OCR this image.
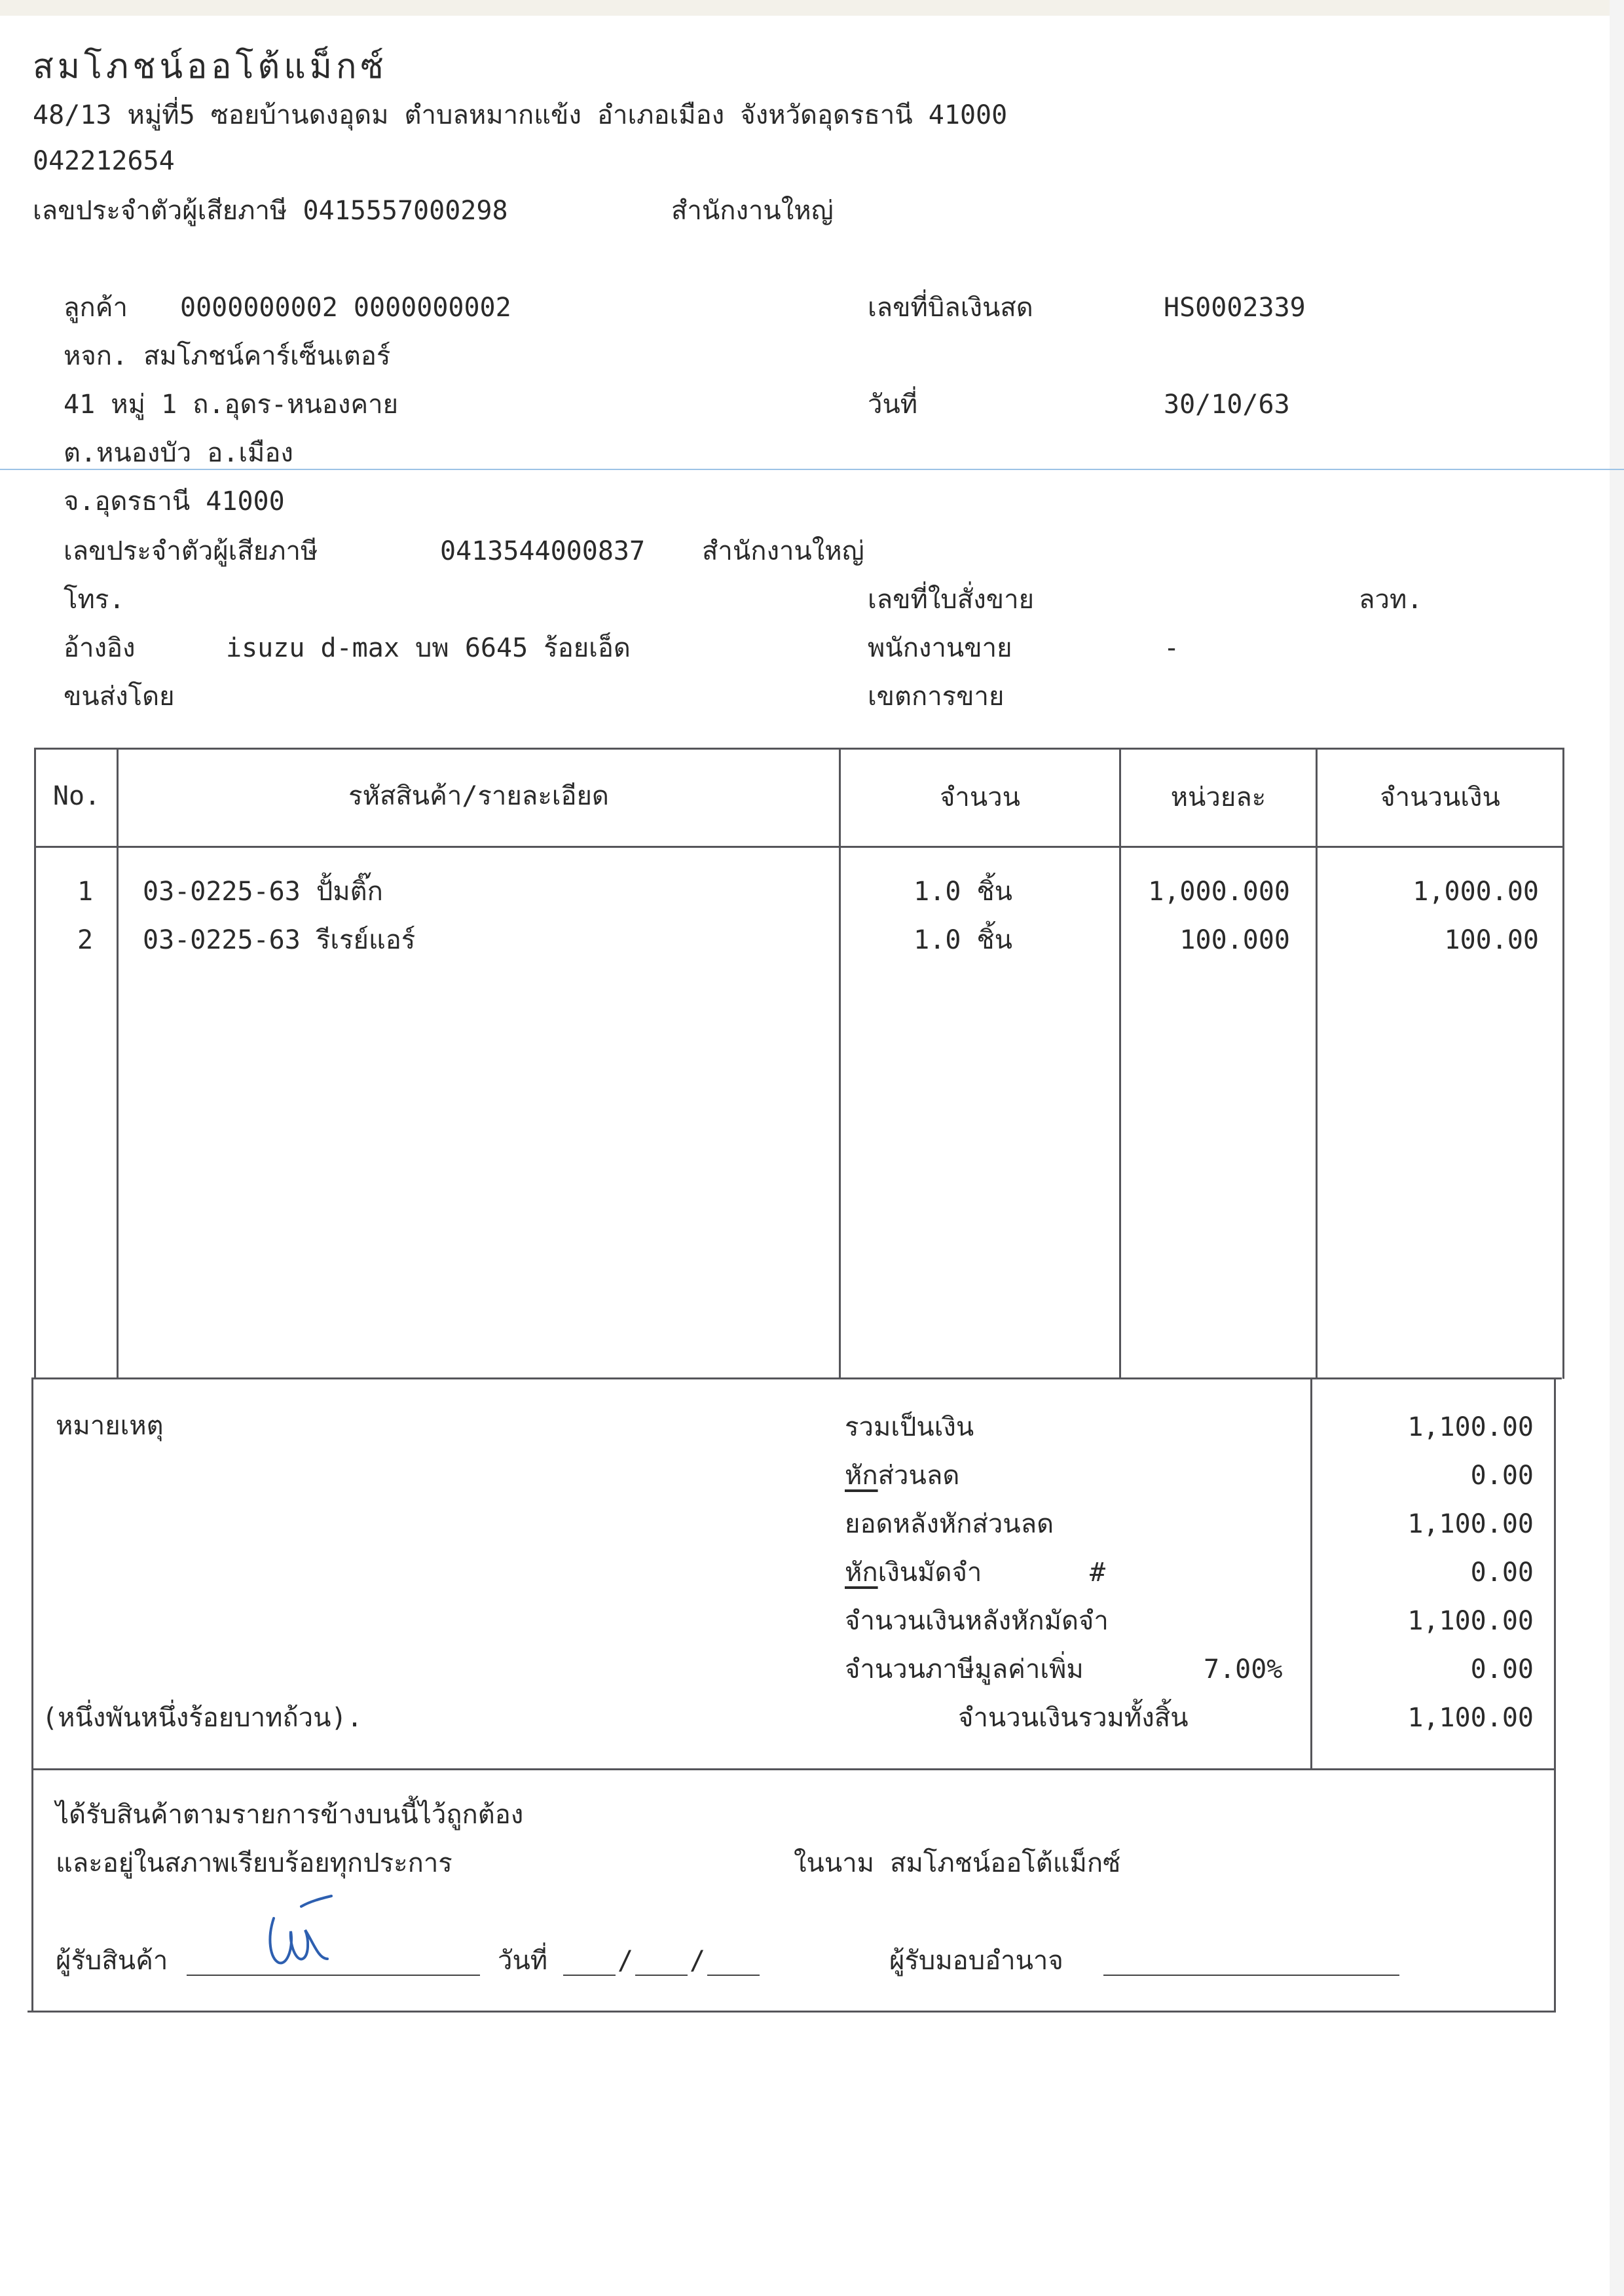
สมโภชน์ออโต้แม็กซ์
48/13 หมู่ที่5 ซอยบ้านดงอุดม ตำบลหมากแข้ง อำเภอเมือง จังหวัดอุดรธานี 41000
042212654
เลขประจำตัวผู้เสียภาษี 0415557000298	สำนักงานใหญ่
ลูกค้า 0000000002 0000000002
หจก. สมโภชน์คาร์เซ็นเตอร์
41 หมู่ 1 ถ.อุดร-หนองคาย
ต.หนองบัว อ.เมือง
จ.อุดรธานี 41000
เลขประจำตัวผู้เสียภาษี	0413544000837 สำนักงานใหญ่
โทร.
อ้างอิง	isuzu d-max บพ 6645 ร้อยเอ็ด
ขนส่งโดย
เลขที่บิลเงินสด	HS0002339
วันที่	30/10/63
เลขที่ใบสั่งขาย	ลวท.
พนักงานขาย	-
เขตการขาย
No.	รหัสสินค้า/รายละเอียด	จำนวน	หน่วยละ	จำนวนเงิน
1	03-0225-63 ปั้มติ๊ก	1.0 ชิ้น	1,000.000	1,000.00
2	03-0225-63 รีเรย์แอร์	1.0 ชิ้น	100.000	100.00
หมายเหตุ	รวมเป็นเงิน	1,100.00
หักส่วนลด	0.00
ยอดหลังหักส่วนลด	1,100.00
หักเงินมัดจำ	#	0.00
จำนวนเงินหลังหักมัดจำ	1,100.00
จำนวนภาษีมูลค่าเพิ่ม	7.00%	0.00
(หนึ่งพันหนึ่งร้อยบาทถ้วน).	จำนวนเงินรวมทั้งสิ้น	1,100.00
ได้รับสินค้าตามรายการข้างบนนี้ไว้ถูกต้อง
และอยู่ในสภาพเรียบร้อยทุกประการ	ในนาม สมโภชน์ออโต้แม็กซ์
ผู้รับสินค้า	วันที่	/ /	ผู้รับมอบอำนาจ
